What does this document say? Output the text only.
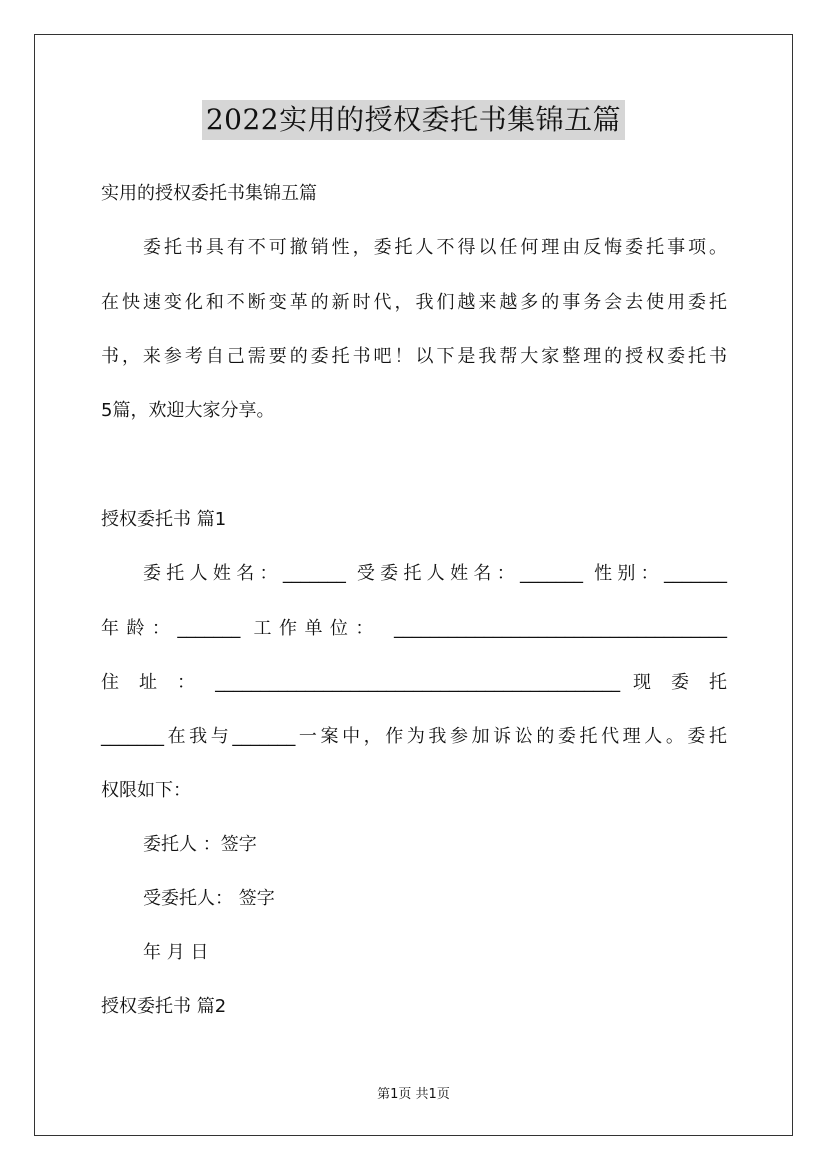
2022实用的授权委托书集锦五篇
实用的授权委托书集锦五篇
委托书具有不可撤销性，委托人不得以任何理由反悔委托事项。
在快速变化和不断变革的新时代，我们越来越多的事务会去使用委托
书，来参考自己需要的委托书吧！以下是我帮大家整理的授权委托书
5篇，欢迎大家分享。
授权委托书 篇1
委托人姓名：_______ 受委托人姓名：_______ 性别：_______
年龄：_______ 工作单位： _____________________________________
住 址 ： _____________________________________________ 现 委 托
_______在我与_______一案中，作为我参加诉讼的委托代理人。委托
权限如下：
委托人 ：签字
受委托人： 签字
年 月 日
授权委托书 篇2
第1页 共1页
